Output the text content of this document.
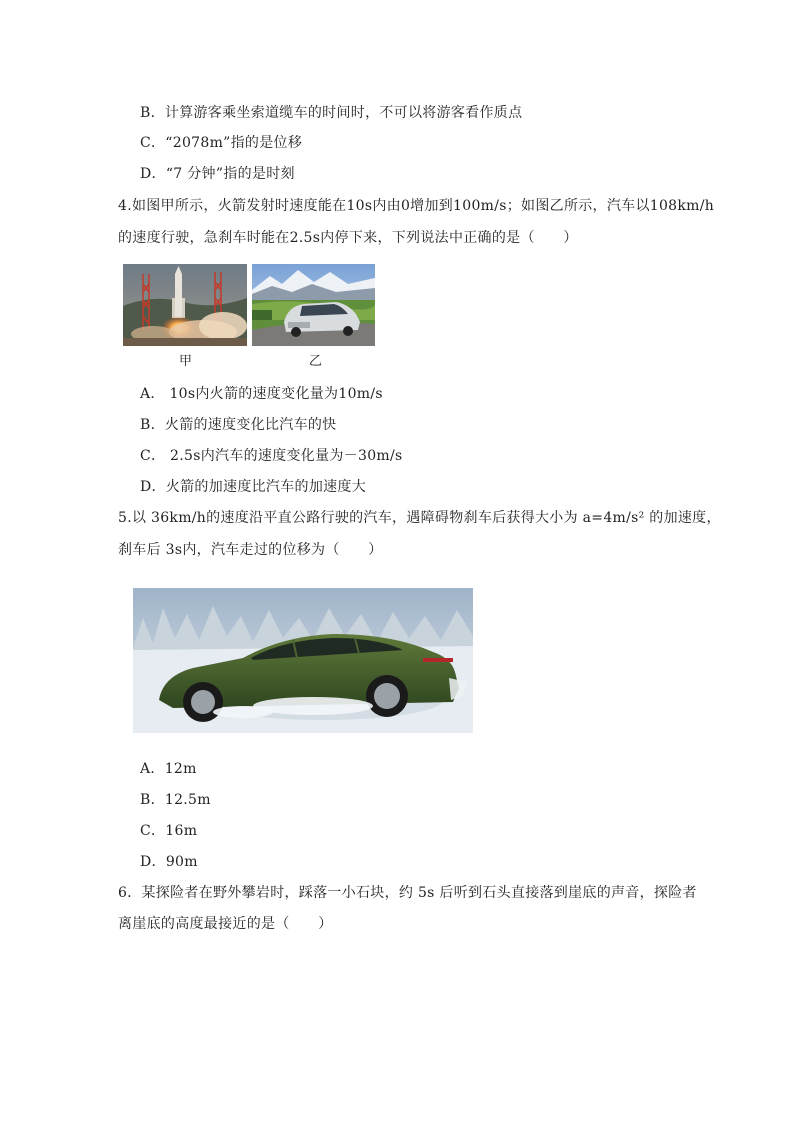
B．计算游客乘坐索道缆车的时间时，不可以将游客看作质点
C．“2078m”指的是位移
D．“7 分钟”指的是时刻
4.如图甲所示，火箭发射时速度能在10s内由0增加到100m/s；如图乙所示，汽车以108km/h
的速度行驶，急刹车时能在2.5s内停下来，下列说法中正确的是（　　）
甲	乙
A． 10s内火箭的速度变化量为10m/s
B．火箭的速度变化比汽车的快
C． 2.5s内汽车的速度变化量为－30m/s
D．火箭的加速度比汽车的加速度大
5.以 36km/h的速度沿平直公路行驶的汽车，遇障碍物刹车后获得大小为 a=4m/s² 的加速度，
刹车后 3s内，汽车走过的位移为（　　）
A．12m
B．12.5m
C．16m
D．90m
6．某探险者在野外攀岩时，踩落一小石块，约 5s 后听到石头直接落到崖底的声音，探险者
离崖底的高度最接近的是（　　）
